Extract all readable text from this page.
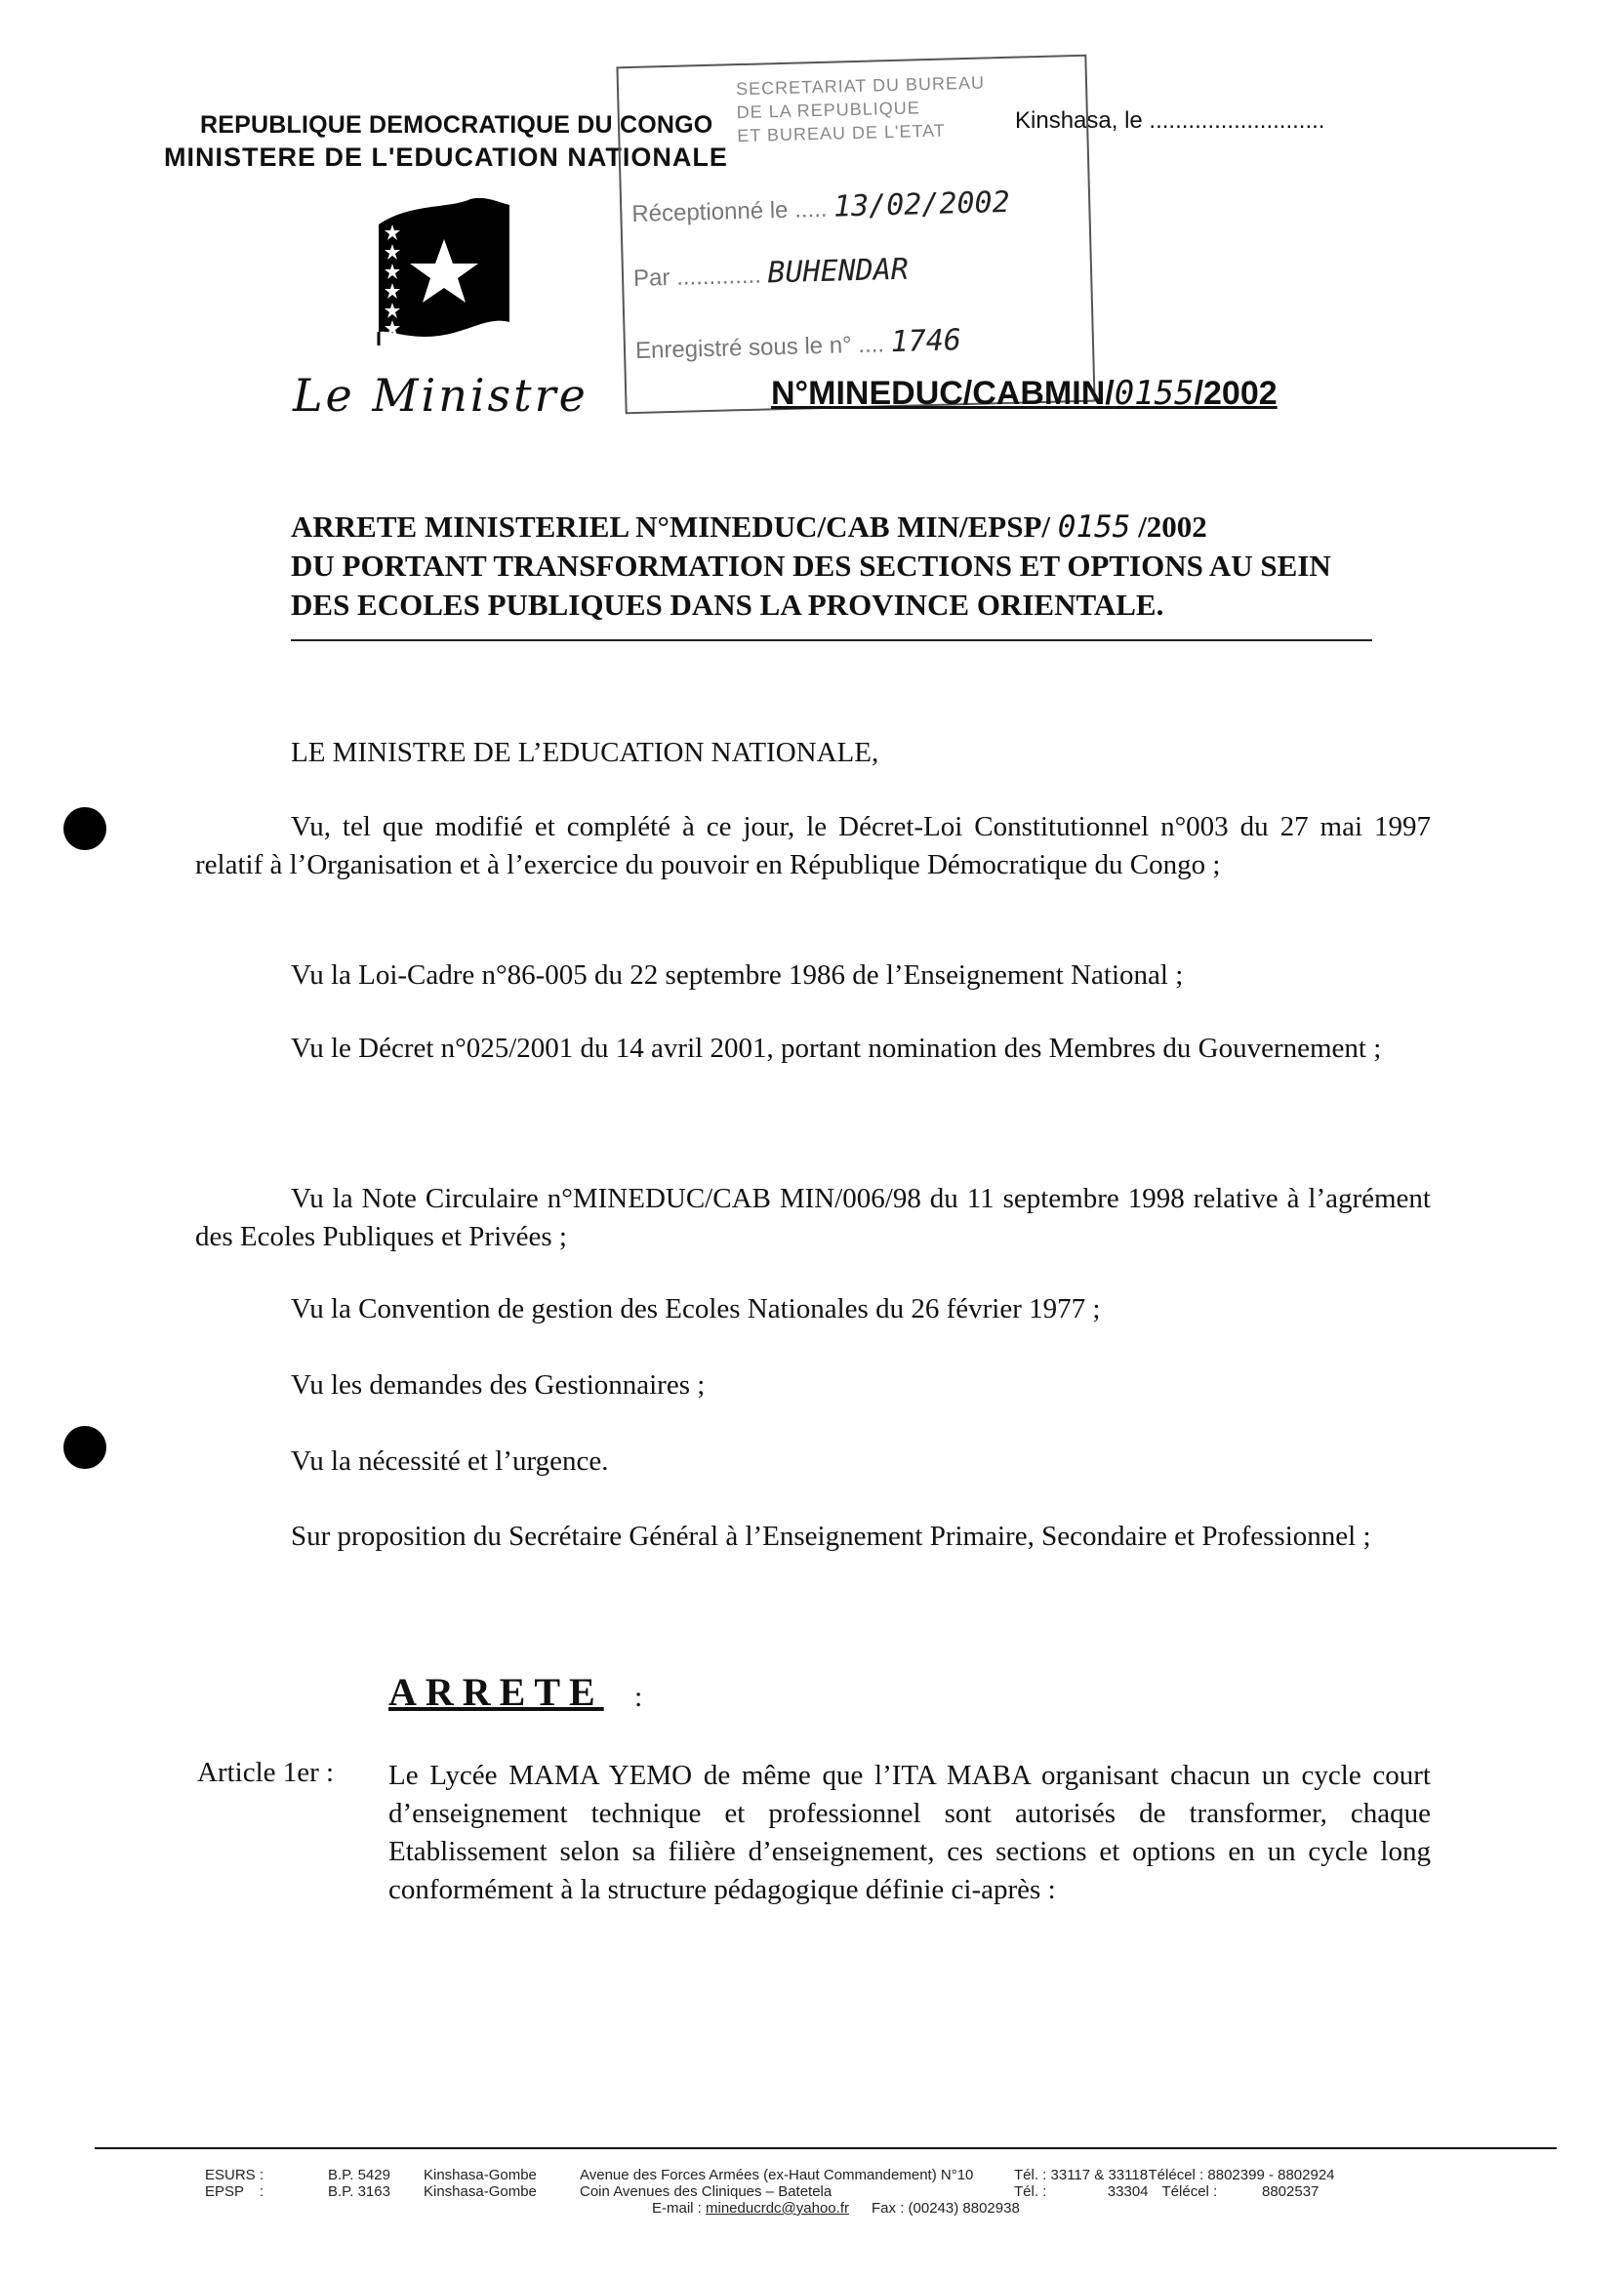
REPUBLIQUE DEMOCRATIQUE DU CONGO
MINISTERE DE L'EDUCATION NATIONALE
Kinshasa, le ...........................
Le Ministre
SECRETARIAT DU BUREAU
DE LA REPUBLIQUE
ET BUREAU DE L'ETAT
Réceptionné le ..... 13/02/2002
Par ............. BUHENDAR
Enregistré sous le n° .... 1746
N°MINEDUC/CABMIN/0155/2002
ARRETE MINISTERIEL N°MINEDUC/CAB MIN/EPSP/ 0155 /2002
DU PORTANT TRANSFORMATION DES SECTIONS ET OPTIONS AU SEIN
DES ECOLES PUBLIQUES DANS LA PROVINCE ORIENTALE.
LE MINISTRE DE L’EDUCATION NATIONALE,
Vu, tel que modifié et complété à ce jour, le Décret-Loi Constitutionnel n°003 du 27 mai 1997 relatif à l’Organisation et à l’exercice du pouvoir en République Démocratique du Congo ;
Vu la Loi-Cadre n°86-005 du 22 septembre 1986 de l’Enseignement National ;
Vu le Décret n°025/2001 du 14 avril 2001, portant nomination des Membres du Gouvernement ;
Vu la Note Circulaire n°MINEDUC/CAB MIN/006/98 du 11 septembre 1998 relative à l’agrément des Ecoles Publiques et Privées ;
Vu la Convention de gestion des Ecoles Nationales du 26 février 1977 ;
Vu les demandes des Gestionnaires ;
Vu la nécessité et l’urgence.
Sur proposition du Secrétaire Général à l’Enseignement Primaire, Secondaire et Professionnel ;
ARRETE :
Article 1er : Le Lycée MAMA YEMO de même que l’ITA MABA organisant chacun un cycle court d’enseignement technique et professionnel sont autorisés de transformer, chaque Etablissement selon sa filière d’enseignement, ces sections et options en un cycle long conformément à la structure pédagogique définie ci-après :
ESURS :	B.P. 5429 Kinshasa-Gombe	Avenue des Forces Armées (ex-Haut Commandement) N°10	Tél. : 33117 & 33118Télécel : 8802399 - 8802924
EPSP :	B.P. 3163 Kinshasa-Gombe	Coin Avenues des Cliniques – Batetela	Tél. :	33304 Télécel :	8802537
E-mail : mineducrdc@yahoo.fr Fax : (00243) 8802938
